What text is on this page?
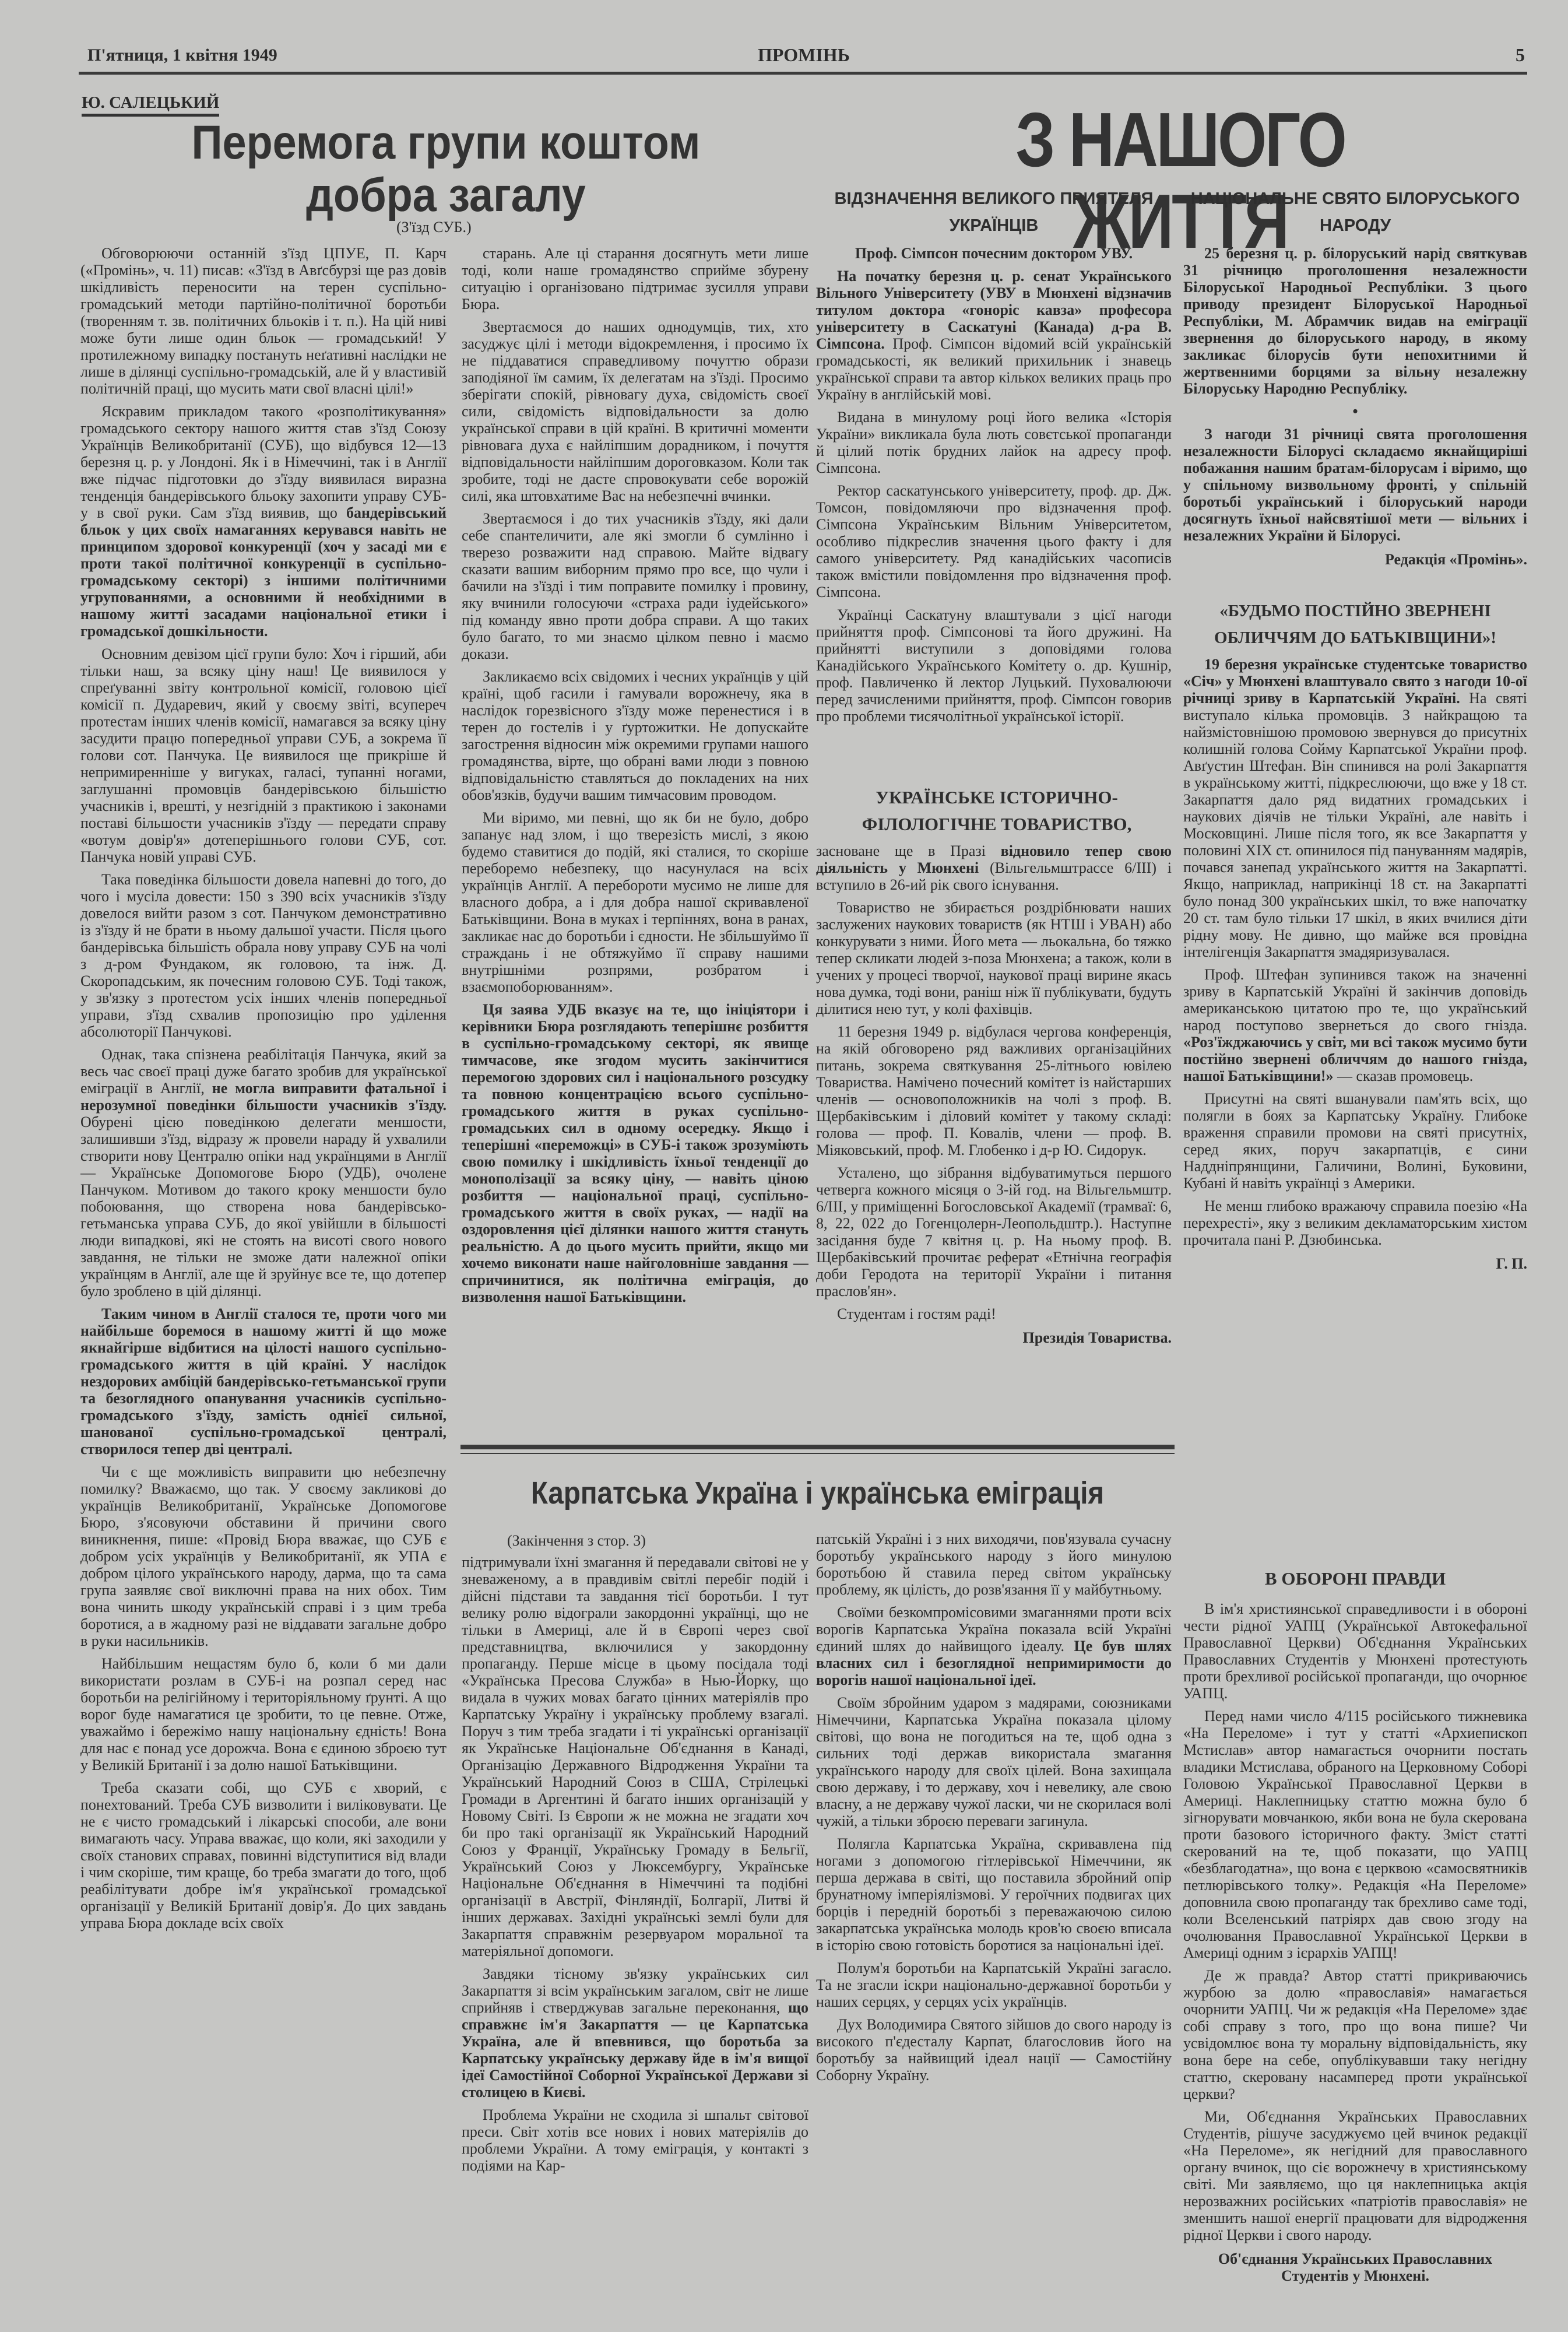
П'ятниця, 1 квітня 1949	ПРОМІНЬ	5
Ю. САЛЕЦЬКИЙ
Перемога групи коштом
добра загалу
(З'їзд СУБ.)

Обговорюючи останній з'їзд ЦПУЕ, П. Карч («Промінь», ч. 11) писав: «З'їзд в Авґсбурзі ще раз довів шкідливість переносити на терен суспільно-громадський методи партійно-політичної боротьби (творенням т. зв. політичних бльоків і т. п.). На цій ниві може бути лише один бльок — громадський! У протилежному випадку постануть неґативні наслідки не лише в ділянці суспільно-громадській, але й у властивій політичній праці, що мусить мати свої власні цілі!»

Яскравим прикладом такого «розполітикування» громадського сектору нашого життя став з'їзд Союзу Українців Великобританії (СУБ), що відбувся 12—13 березня ц. р. у Лондоні. Як і в Німеччині, так і в Англії вже підчас підготовки до з'їзду виявилася виразна тенденція бандерівського бльоку захопити управу СУБ-у в свої руки. Сам з'їзд виявив, що бандерівський бльок у цих своїх намаганнях керувався навіть не принципом здорової конкуренції (хоч у засаді ми є проти такої політичної конкуренції в суспільно-громадському секторі) з іншими політичними угрупованнями, а основними й необхідними в нашому житті засадами національної етики і громадської дошкільности.

Основним девізом цієї групи було: Хоч і гірший, аби тільки наш, за всяку ціну наш! Це виявилося у спреґуванні звіту контрольної комісії, головою цієї комісії п. Дударевич, який у своєму звіті, всупереч протестам інших членів комісії, намагався за всяку ціну засудити працю попередньої управи СУБ, а зокрема її голови сот. Панчука. Це виявилося ще прикріше й непримиренніше у вигуках, галасі, тупанні ногами, заглушанні промовців бандерівською більшістю учасників і, врешті, у незгідній з практикою і законами поставі більшости учасників з'їзду — передати справу «вотум довір'я» дотеперішнього голови СУБ, сот. Панчука новій управі СУБ.

Така поведінка більшости довела напевні до того, до чого і мусіла довести: 150 з 390 всіх учасників з'їзду довелося вийти разом з сот. Панчуком демонстративно із з'їзду й не брати в ньому дальшої участи. Після цього бандерівська більшість обрала нову управу СУБ на чолі з д-ром Фундаком, як головою, та інж. Д. Скоропадським, як почесним головою СУБ. Тоді також, у зв'язку з протестом усіх інших членів попередньої управи, з'їзд схвалив пропозицію про уділення абсолюторії Панчукові.

Однак, така спізнена реабілітація Панчука, який за весь час своєї праці дуже багато зробив для української еміграції в Англії, не могла виправити фатальної і нерозумної поведінки більшости учасників з'їзду. Обурені цією поведінкою делегати меншости, залишивши з'їзд, відразу ж провели нараду й ухвалили створити нову Централю опіки над українцями в Англії — Українське Допомогове Бюро (УДБ), очолене Панчуком. Мотивом до такого кроку меншости було побоювання, що створена нова бандерівсько-гетьманська управа СУБ, до якої увійшли в більшості люди випадкові, які не стоять на висоті свого нового завдання, не тільки не зможе дати належної опіки українцям в Англії, але ще й зруйнує все те, що дотепер було зроблено в цій ділянці.

Таким чином в Англії сталося те, проти чого ми найбільше боремося в нашому житті й що може якнайгірше відбитися на цілості нашого суспільно-громадського життя в цій країні. У наслідок нездорових амбіцій бандерівсько-гетьманської групи та безоглядного опанування учасників суспільно-громадського з'їзду, замість однієї сильної, шанованої суспільно-громадської централі, створилося тепер дві централі.

Чи є ще можливість виправити цю небезпечну помилку? Вважаємо, що так. У своєму закликові до українців Великобританії, Українське Допомогове Бюро, з'ясовуючи обставини й причини свого виникнення, пише: «Провід Бюра вважає, що СУБ є добром усіх українців у Великобританії, як УПА є добром цілого українського народу, дарма, що та сама група заявляє свої виключні права на них обох. Тим вона чинить шкоду українській справі і з цим треба боротися, а в жадному разі не віддавати загальне добро в руки насильників.

Найбільшим нещастям було б, коли б ми дали використати розлам в СУБ-і на розпал серед нас боротьби на релігійному і територіяльному ґрунті. А що ворог буде намагатися це зробити, то це певне. Отже, уважаймо і бережімо нашу національну єдність! Вона для нас є понад усе дорожча. Вона є єдиною зброєю тут у Великій Британії і за долю нашої Батьківщини.

Треба сказати собі, що СУБ є хворий, є понехтований. Треба СУБ визволити і виліковувати. Це не є чисто громадський і лікарські способи, але вони вимагають часу. Управа вважає, що коли, які заходили у своїх станових справах, повинні відступитися від влади і чим скоріше, тим краще, бо треба змагати до того, щоб реабілітувати добре ім'я української громадської організації у Великій Британії довір'я. До цих завдань управа Бюра докладе всіх своїх

старань. Але ці старання досягнуть мети лише тоді, коли наше громадянство сприйме збурену ситуацію і організовано підтримає зусилля управи Бюра.

Звертаємося до наших однодумців, тих, хто засуджує цілі і методи відокремлення, і просимо їх не піддаватися справедливому почуттю образи заподіяної їм самим, їх делегатам на з'їзді. Просимо зберігати спокій, рівновагу духа, свідомість своєї сили, свідомість відповідальности за долю української справи в цій країні. В критичні моменти рівновага духа є найліпшим дорадником, і почуття відповідальности найліпшим дороговказом. Коли так зробите, тоді не дасте спровокувати себе ворожій силі, яка штовхатиме Вас на небезпечні вчинки.

Звертаємося і до тих учасників з'їзду, які дали себе спантеличити, але які змогли б сумлінно і тверезо розважити над справою. Майте відвагу сказати вашим виборним прямо про все, що чули і бачили на з'їзді і тим поправите помилку і провину, яку вчинили голосуючи «страха ради іудейського» під команду явно проти добра справи. А що таких було багато, то ми знаємо цілком певно і маємо докази.

Закликаємо всіх свідомих і чесних українців у цій країні, щоб гасили і гамували ворожнечу, яка в наслідок горезвісного з'їзду може перенестися і в терен до гостелів і у ґуртожитки. Не допускайте загострення відносин між окремими групами нашого громадянства, вірте, що обрані вами люди з повною відповідальністю ставляться до покладених на них обов'язків, будучи вашим тимчасовим проводом.

Ми віримо, ми певні, що як би не було, добро запанує над злом, і що тверезість мислі, з якою будемо ставитися до подій, які сталися, то скоріше переборемо небезпеку, що насунулася на всіх українців Англії. А перебороти мусимо не лише для власного добра, а і для добра нашої скривавленої Батьківщини. Вона в муках і терпіннях, вона в ранах, закликає нас до боротьби і єдности. Не збільшуймо її страждань і не обтяжуймо її справу нашими внутрішніми розпрями, розбратом і взаємопоборюванням».

Ця заява УДБ вказує на те, що ініціятори і керівники Бюра розглядають теперішнє розбиття в суспільно-громадському секторі, як явище тимчасове, яке згодом мусить закінчитися перемогою здорових сил і національного розсудку та повною концентрацією всього суспільно-громадського життя в руках суспільно-громадських сил в одному осередку. Якщо і теперішні «переможці» в СУБ-і також зрозуміють свою помилку і шкідливість їхньої тенденції до монополізації за всяку ціну, — навіть ціною розбиття — національної праці, суспільно-громадського життя в своїх руках, — надії на оздоровлення цієї ділянки нашого життя стануть реальністю. А до цього мусить прийти, якщо ми хочемо виконати наше найголовніше завдання — спричинитися, як політична еміграція, до визволення нашої Батьківщини.

З НАШОГО ЖИТТЯ
ВІДЗНАЧЕННЯ ВЕЛИКОГО ПРИЯТЕЛЯ УКРАЇНЦІВ

Проф. Сімпсон почесним доктором УВУ.

На початку березня ц. р. сенат Українського Вільного Університету (УВУ в Мюнхені відзначив титулом доктора «гоноріс кавза» професора університету в Саскатуні (Канада) д-ра В. Сімпсона. Проф. Сімпсон відомий всій українській громадськості, як великий прихильник і знавець української справи та автор кількох великих праць про Україну в англійській мові.

Видана в минулому році його велика «Історія України» викликала була лють совєтської пропаганди й цілий потік брудних лайок на адресу проф. Сімпсона.

Ректор саскатунського університету, проф. др. Дж. Томсон, повідомляючи про відзначення проф. Сімпсона Українським Вільним Університетом, особливо підкреслив значення цього факту і для самого університету. Ряд канадійських часописів також вмістили повідомлення про відзначення проф. Сімпсона.

Українці Саскатуну влаштували з цієї нагоди прийняття проф. Сімпсонові та його дружині. На прийнятті виступили з доповідями голова Канадійського Українського Комітету о. др. Кушнір, проф. Павличенко й лектор Луцький. Пуховалюючи перед зачисленими прийняття, проф. Сімпсон говорив про проблеми тисячолітньої української історії.

УКРАЇНСЬКЕ ІСТОРИЧНО-ФІЛОЛОГІЧНЕ ТОВАРИСТВО,

засноване ще в Празі відновило тепер свою діяльність у Мюнхені (Вільгельмштрассе 6/III) і вступило в 26-ий рік свого існування.

Товариство не збирається роздрібнювати наших заслужених наукових товариств (як НТШ і УВАН) або конкурувати з ними. Його мета — льокальна, бо тяжко тепер скликати людей з-поза Мюнхена; а також, коли в учених у процесі творчої, наукової праці вирине якась нова думка, тоді вони, раніш ніж її публікувати, будуть ділитися нею тут, у колі фахівців.

11 березня 1949 р. відбулася чергова конференція, на якій обговорено ряд важливих організаційних питань, зокрема святкування 25-літнього ювілею Товариства. Намічено почесний комітет із найстарших членів — основоположників на чолі з проф. В. Щербаківським і діловий комітет у такому складі: голова — проф. П. Ковалів, члени — проф. В. Міяковський, проф. М. Глобенко і д-р Ю. Сидорук.

Усталено, що зібрання відбуватимуться першого четверга кожного місяця о 3-ій год. на Вільгельмштр. 6/III, у приміщенні Богословської Академії (трамваї: 6, 8, 22, 022 до Гогенцолерн-Леопольдштр.). Наступне засідання буде 7 квітня ц. р. На ньому проф. В. Щербаківський прочитає реферат «Етнічна географія доби Геродота на території України і питання праслов'ян».

Студентам і гостям раді!

Президія Товариства.

НАЦІОНАЛЬНЕ СВЯТО БІЛОРУСЬКОГО НАРОДУ

25 березня ц. р. білоруський нарід святкував 31 річницю проголошення незалежности Білоруської Народньої Республіки. З цього приводу президент Білоруської Народньої Республіки, М. Абрамчик видав на еміграції звернення до білоруського народу, в якому закликає білорусів бути непохитними й жертвенними борцями за вільну незалежну Білоруську Народню Республіку.

•

З нагоди 31 річниці свята проголошення незалежности Білорусі складаємо якнайщиріші побажання нашим братам-білорусам і віримо, що у спільному визвольному фронті, у спільній боротьбі український і білоруський народи досягнуть їхньої найсвятішої мети — вільних і незалежних України й Білорусі.

Редакція «Промінь».

«БУДЬМО ПОСТІЙНО ЗВЕРНЕНІ ОБЛИЧЧЯМ ДО БАТЬКІВЩИНИ»!

19 березня українське студентське товариство «Січ» у Мюнхені влаштувало свято з нагоди 10-ої річниці зриву в Карпатській Україні. На святі виступало кілька промовців. З найкращою та найзмістовнішою промовою звернувся до присутніх колишній голова Сойму Карпатської України проф. Авґустин Штефан. Він спинився на ролі Закарпаття в українському житті, підкреслюючи, що вже у 18 ст. Закарпаття дало ряд видатних громадських і наукових діячів не тільки Україні, але навіть і Московщині. Лише після того, як все Закарпаття у половині XIX ст. опинилося під пануванням мадярів, почався занепад українського життя на Закарпатті. Якщо, наприклад, наприкінці 18 ст. на Закарпатті було понад 300 українських шкіл, то вже напочатку 20 ст. там було тільки 17 шкіл, в яких вчилися діти рідну мову. Не дивно, що майже вся провідна інтелігенція Закарпаття змадяризувалася.

Проф. Штефан зупинився також на значенні зриву в Карпатській Україні й закінчив доповідь американською цитатою про те, що український народ поступово звернеться до свого гнізда. «Роз'їжджаючись у світ, ми всі також мусимо бути постійно звернені обличчям до нашого гнізда, нашої Батьківщини!» — сказав промовець.

Присутні на святі вшанували пам'ять всіх, що полягли в боях за Карпатську Україну. Глибоке враження справили промови на святі присутніх, серед яких, поруч закарпатців, є сини Наддніпрянщини, Галичини, Волині, Буковини, Кубані й навіть українці з Америки.

Не менш глибоко вражаючу справила поезію «На перехресті», яку з великим декламаторським хистом прочитала пані Р. Дзюбинська.

Г. П.

В ОБОРОНІ ПРАВДИ

В ім'я християнської справедливости і в обороні чести рідної УАПЦ (Української Автокефальної Православної Церкви) Об'єднання Українських Православних Студентів у Мюнхені протестують проти брехливої російської пропаганди, що очорнює УАПЦ.

Перед нами число 4/115 російського тижневика «На Переломе» і тут у статті «Архиепископ Мстислав» автор намагається очорнити постать владики Мстислава, обраного на Церковному Соборі Головою Української Православної Церкви в Америці. Наклепницьку статтю можна було б зігнорувати мовчанкою, якби вона не була скерована проти базового історичного факту. Зміст статті скерований на те, щоб показати, що УАПЦ «безблагодатна», що вона є церквою «самосвятників петлюрівського толку». Редакція «На Переломе» доповнила свою пропаганду так брехливо саме тоді, коли Вселенський патріярх дав свою згоду на очолювання Православної Української Церкви в Америці одним з ієрархів УАПЦ!

Де ж правда? Автор статті прикриваючись журбою за долю «православія» намагається очорнити УАПЦ. Чи ж редакція «На Переломе» здає собі справу з того, про що вона пише? Чи усвідомлює вона ту моральну відповідальність, яку вона бере на себе, опублікувавши таку негідну статтю, скеровану насамперед проти української церкви?

Ми, Об'єднання Українських Православних Студентів, рішуче засуджуємо цей вчинок редакції «На Переломе», як негідний для православного органу вчинок, що сіє ворожнечу в християнському світі. Ми заявляємо, що ця наклепницька акція нерозважних російських «патріотів православія» не зменшить нашої енергії працювати для відродження рідної Церкви і свого народу.

Об'єднання Українських Православних Студентів у Мюнхені.

Карпатська Україна і українська еміграція
(Закінчення з стор. 3)

підтримували їхні змагання й передавали світові не у зневаженому, а в правдивім світлі перебіг подій і дійсні підстави та завдання тієї боротьби. І тут велику ролю відограли закордонні українці, що не тільки в Америці, але й в Європі через свої представництва, включилися у закордонну пропаганду. Перше місце в цьому посідала тоді «Українська Пресова Служба» в Нью-Йорку, що видала в чужих мовах багато цінних матеріялів про Карпатську Україну і українську проблему взагалі. Поруч з тим треба згадати і ті українські організації як Українське Національне Об'єднання в Канаді, Організацію Державного Відродження України та Український Народний Союз в США, Стрілецькі Громади в Аргентині й багато інших організацій у Новому Світі. Із Європи ж не можна не згадати хоч би про такі організації як Український Народний Союз у Франції, Українську Громаду в Бельгії, Український Союз у Люксембургу, Українське Національне Об'єднання в Німеччині та подібні організації в Австрії, Фінляндії, Болгарії, Литві й інших державах. Західні українські землі були для Закарпаття справжнім резервуаром моральної та матеріяльної допомоги.

Завдяки тісному зв'язку українських сил Закарпаття зі всім українським загалом, світ не лише сприйняв і стверджував загальне переконання, що справжнє ім'я Закарпаття — це Карпатська Україна, але й впевнився, що боротьба за Карпатську українську державу йде в ім'я вищої ідеї Самостійної Соборної Української Держави зі столицею в Києві.

Проблема України не сходила зі шпальт світової преси. Світ хотів все нових і нових матеріялів до проблеми України. А тому еміграція, у контакті з подіями на Кар-

патській Україні і з них виходячи, пов'язувала сучасну боротьбу українського народу з його минулою боротьбою й ставила перед світом українську проблему, як цілість, до розв'язання її у майбутньому.

Своїми безкомпромісовими змаганнями проти всіх ворогів Карпатська Україна показала всій Україні єдиний шлях до найвищого ідеалу. Це був шлях власних сил і безоглядної непримиримости до ворогів нашої національної ідеї.

Своїм збройним ударом з мадярами, союзниками Німеччини, Карпатська Україна показала цілому світові, що вона не погодиться на те, щоб одна з сильних тоді держав використала змагання українського народу для своїх цілей. Вона захищала свою державу, і то державу, хоч і невелику, але свою власну, а не державу чужої ласки, чи не скорилася волі чужій, а тільки зброєю переваги загинула.

Полягла Карпатська Україна, скривавлена під ногами з допомогою гітлерівської Німеччини, як перша держава в світі, що поставила збройний опір брунатному імперіялізмові. У героїчних подвигах цих борців і передній боротьбі з переважаючою силою закарпатська українська молодь кров'ю своєю вписала в історію свою готовість боротися за національні ідеї.

Полум'я боротьби на Карпатській Україні загасло. Та не згасли іскри національно-державної боротьби у наших серцях, у серцях усіх українців.

Дух Володимира Святого зійшов до свого народу із високого п'єдесталу Карпат, благословив його на боротьбу за найвищий ідеал нації — Самостійну Соборну Україну.
